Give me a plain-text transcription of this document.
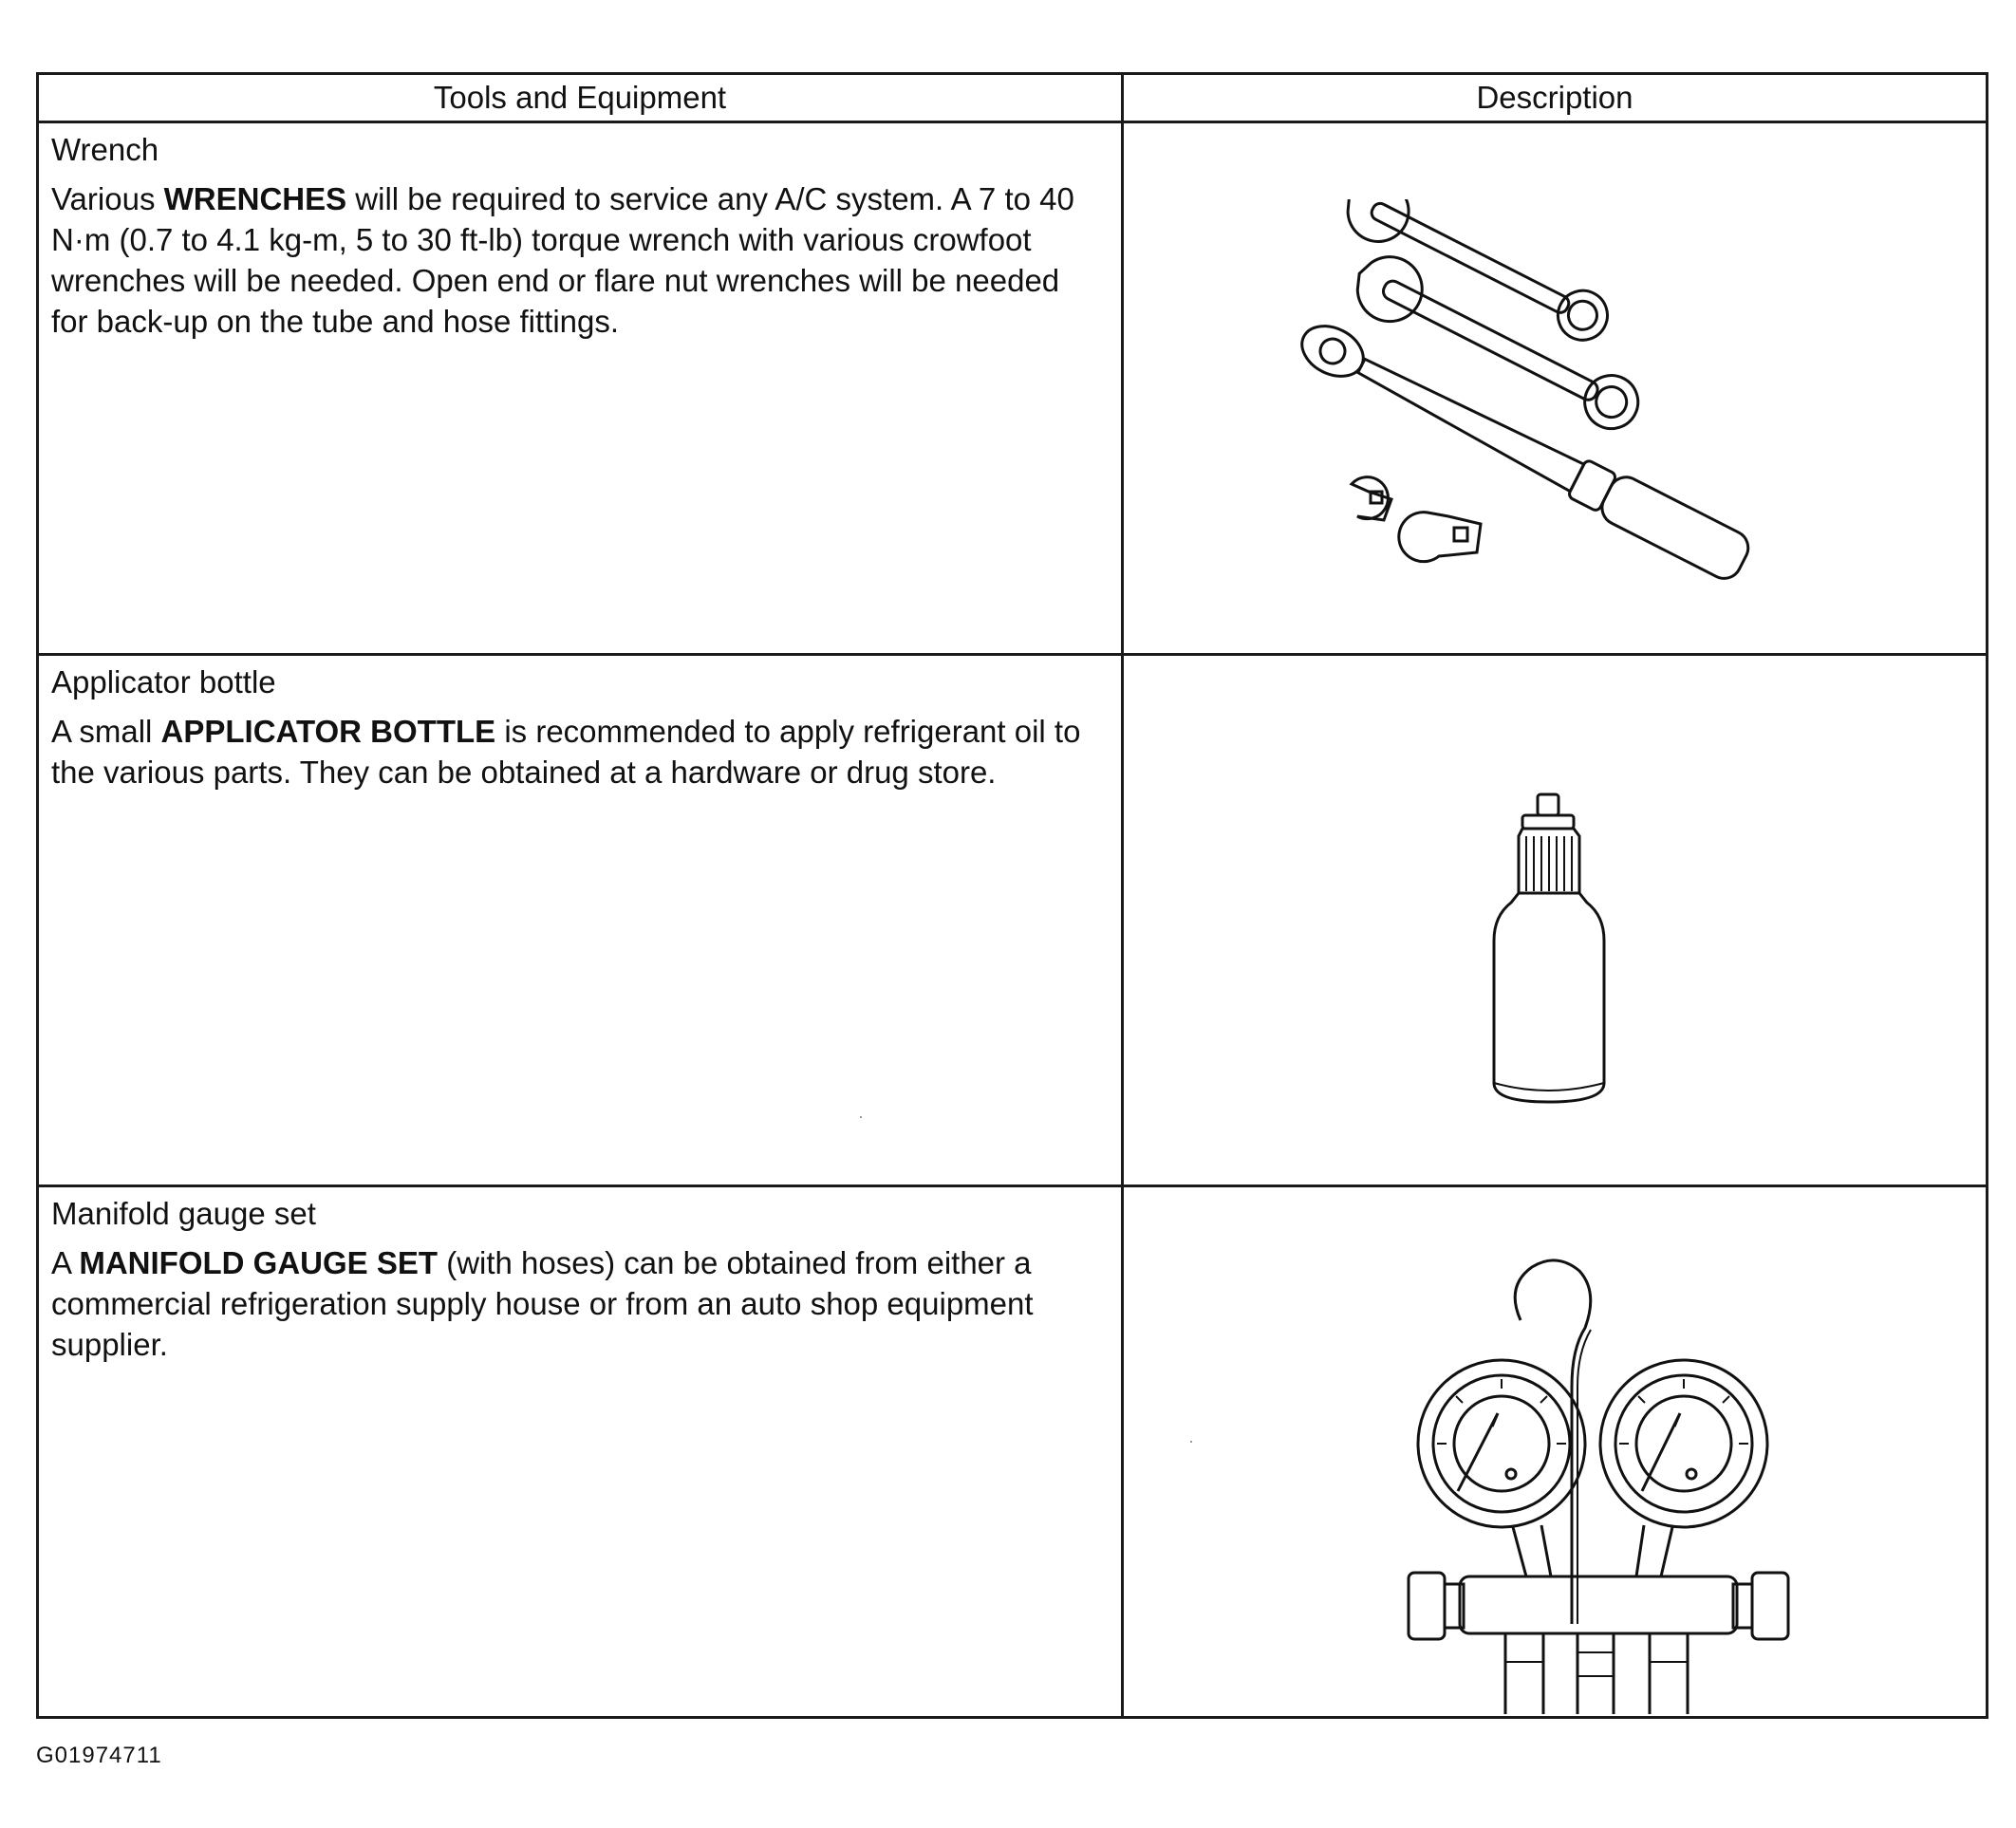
Tools and Equipment	Description

Wrench
Various WRENCHES will be required to service any A/C system. A 7 to 40 N·m (0.7 to 4.1 kg-m, 5 to 30 ft-lb) torque wrench with various crowfoot wrenches will be needed. Open end or flare nut wrenches will be needed for back-up on the tube and hose fittings.

Applicator bottle
A small APPLICATOR BOTTLE is recommended to apply refrigerant oil to the various parts. They can be obtained at a hardware or drug store.

Manifold gauge set
A MANIFOLD GAUGE SET (with hoses) can be obtained from either a commercial refrigeration supply house or from an auto shop equipment supplier.

G01974711
